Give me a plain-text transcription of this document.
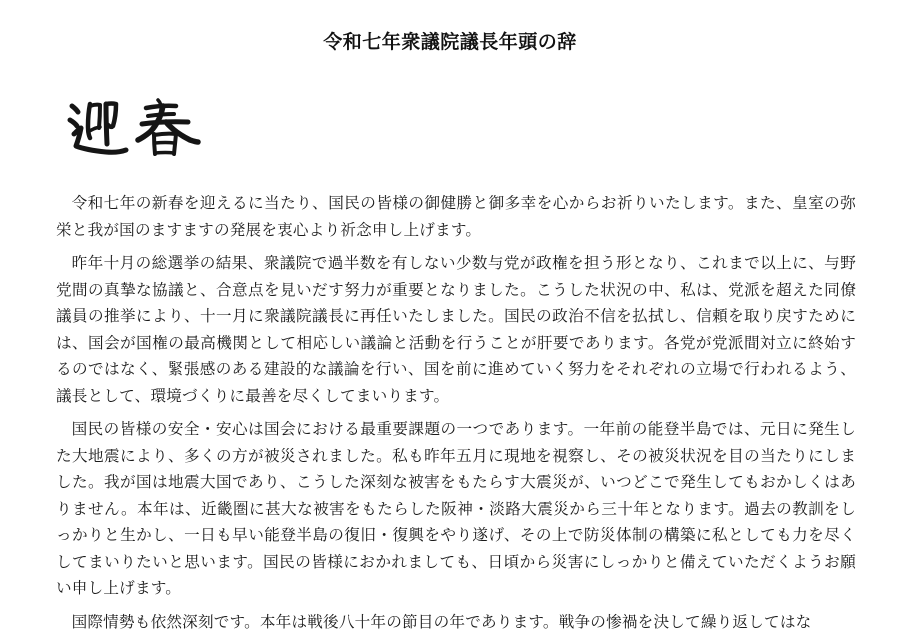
令和七年衆議院議長年頭の辞

令和七年の新春を迎えるに当たり、国民の皆様の御健勝と御多幸を心からお祈りいたします。また、皇室の弥栄と我が国のますますの発展を衷心より祈念申し上げます。

昨年十月の総選挙の結果、衆議院で過半数を有しない少数与党が政権を担う形となり、これまで以上に、与野党間の真摯な協議と、合意点を見いだす努力が重要となりました。こうした状況の中、私は、党派を超えた同僚議員の推挙により、十一月に衆議院議長に再任いたしました。国民の政治不信を払拭し、信頼を取り戻すためには、国会が国権の最高機関として相応しい議論と活動を行うことが肝要であります。各党が党派間対立に終始するのではなく、緊張感のある建設的な議論を行い、国を前に進めていく努力をそれぞれの立場で行われるよう、議長として、環境づくりに最善を尽くしてまいります。

国民の皆様の安全・安心は国会における最重要課題の一つであります。一年前の能登半島では、元日に発生した大地震により、多くの方が被災されました。私も昨年五月に現地を視察し、その被災状況を目の当たりにしました。我が国は地震大国であり、こうした深刻な被害をもたらす大震災が、いつどこで発生してもおかしくはありません。本年は、近畿圏に甚大な被害をもたらした阪神・淡路大震災から三十年となります。過去の教訓をしっかりと生かし、一日も早い能登半島の復旧・復興をやり遂げ、その上で防災体制の構築に私としても力を尽くしてまいりたいと思います。国民の皆様におかれましても、日頃から災害にしっかりと備えていただくようお願い申し上げます。

国際情勢も依然深刻です。本年は戦後八十年の節目の年であります。戦争の惨禍を決して繰り返してはな
